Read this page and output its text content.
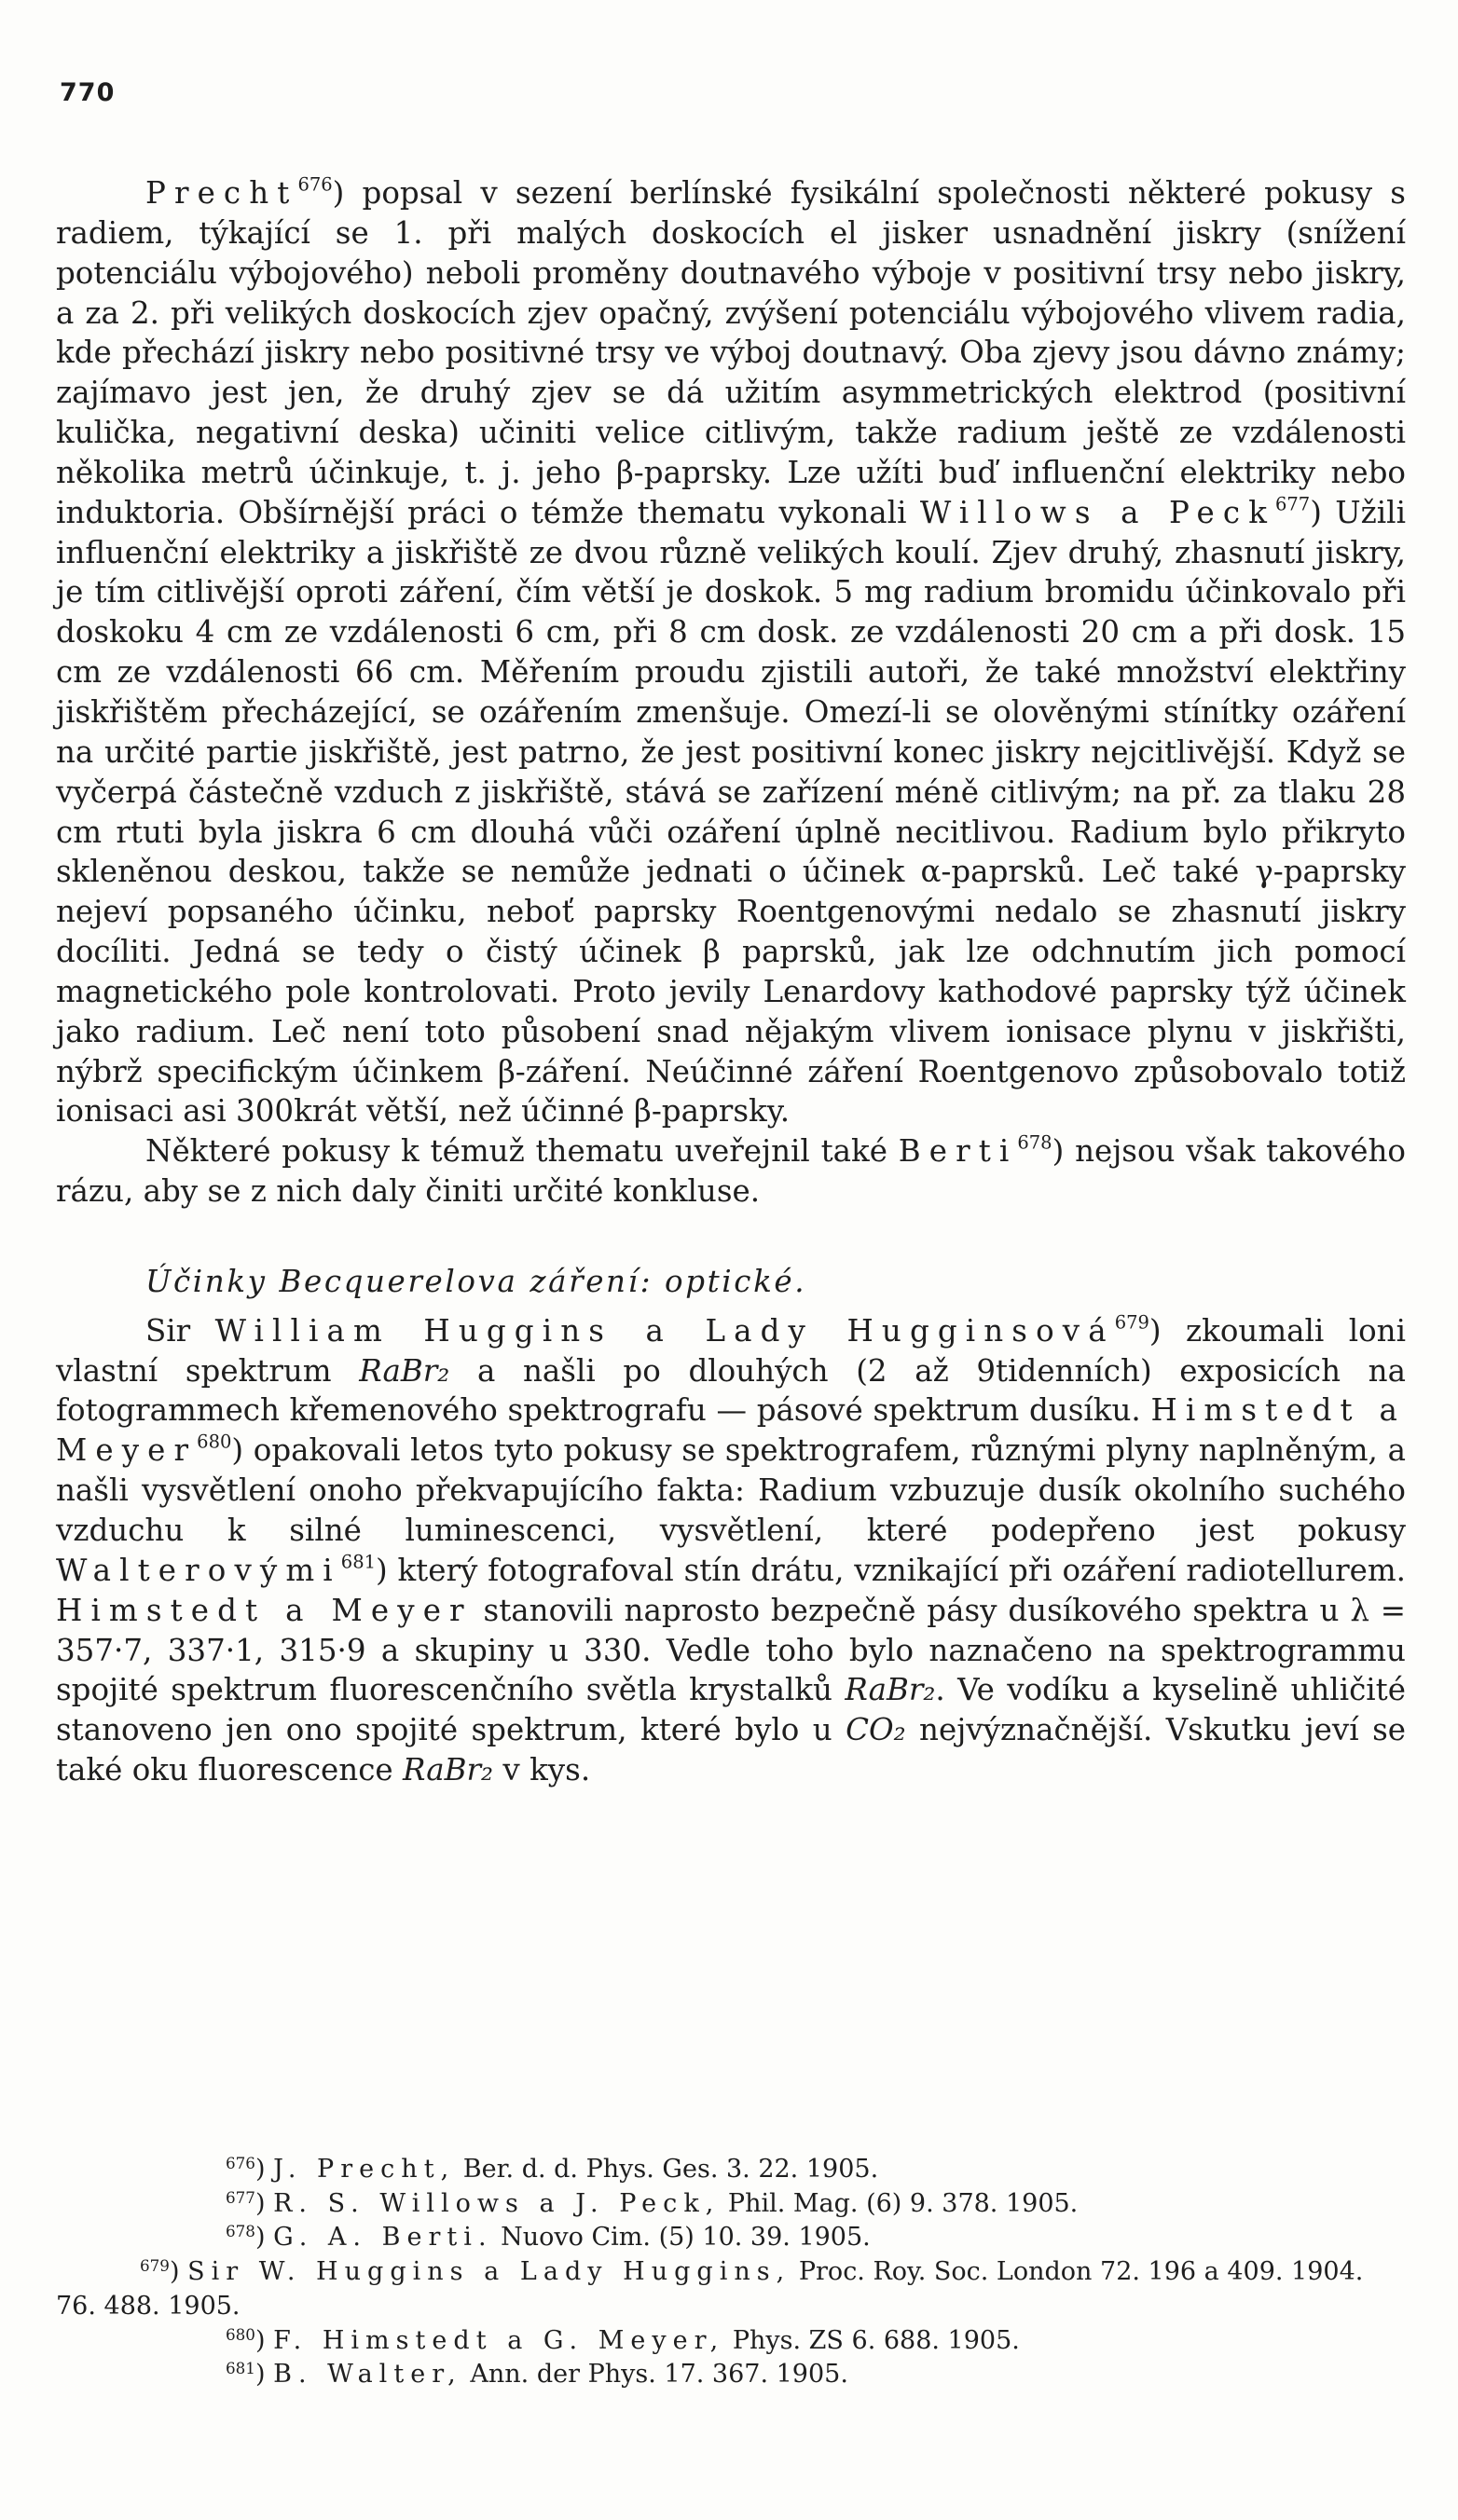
770

Precht$^{676}$) popsal v sezení berlínské fysikální společnosti některé pokusy s radiem, týkající se 1. při malých doskocích el jisker usnadnění jiskry (snížení potenciálu výbojového) neboli proměny doutnavého výboje v positivní trsy nebo jiskry, a za 2. při velikých doskocích zjev opačný, zvýšení potenciálu výbojového vlivem radia, kde přechází jiskry nebo positivné trsy ve výboj doutnavý. Oba zjevy jsou dávno známy; zajímavo jest jen, že druhý zjev se dá užitím asymmetrických elektrod (positivní kulička, negativní deska) učiniti velice citlivým, takže radium ještě ze vzdálenosti několika metrů účinkuje, t. j. jeho β-paprsky. Lze užíti buď influenční elektriky nebo induktoria. Obšírnější práci o témže thematu vykonali Willows a Peck$^{677}$) Užili influenční elektriky a jiskřiště ze dvou různě velikých koulí. Zjev druhý, zhasnutí jiskry, je tím citlivější oproti záření, čím větší je doskok. 5 mg radium bromidu účinkovalo při doskoku 4 cm ze vzdálenosti 6 cm, při 8 cm dosk. ze vzdálenosti 20 cm a při dosk. 15 cm ze vzdálenosti 66 cm. Měřením proudu zjistili autoři, že také množství elektřiny jiskřištěm přecházející, se ozářením zmenšuje. Omezí-li se olověnými stínítky ozáření na určité partie jiskřiště, jest patrno, že jest positivní konec jiskry nejcitlivější. Když se vyčerpá částečně vzduch z jiskřiště, stává se zařízení méně citlivým; na př. za tlaku 28 cm rtuti byla jiskra 6 cm dlouhá vůči ozáření úplně necitlivou. Radium bylo přikryto skleněnou deskou, takže se nemůže jednati o účinek α-paprsků. Leč také γ-paprsky nejeví popsaného účinku, neboť paprsky Roentgenovými nedalo se zhasnutí jiskry docíliti. Jedná se tedy o čistý účinek β paprsků, jak lze odchnutím jich pomocí magnetického pole kontrolovati. Proto jevily Lenardovy kathodové paprsky týž účinek jako radium. Leč není toto působení snad nějakým vlivem ionisace plynu v jiskřišti, nýbrž specifickým účinkem β-záření. Neúčinné záření Roentgenovo způsobovalo totiž ionisaci asi 300krát větší, než účinné β-paprsky.

Některé pokusy k témuž thematu uveřejnil také Berti$^{678}$) nejsou však takového rázu, aby se z nich daly činiti určité konkluse.

Účinky Becquerelova záření: optické.

Sir William Huggins a Lady Hugginsová$^{679}$) zkoumali loni vlastní spektrum RaBr₂ a našli po dlouhých (2 až 9tidenních) exposicích na fotogrammech křemenového spektrografu — pásové spektrum dusíku. Himstedt a Meyer$^{680}$) opakovali letos tyto pokusy se spektrografem, různými plyny naplněným, a našli vysvětlení onoho překvapujícího fakta: Radium vzbuzuje dusík okolního suchého vzduchu k silné luminescenci, vysvětlení, které podepřeno jest pokusy Walterovými$^{681}$) který fotografoval stín drátu, vznikající při ozáření radiotellurem. Himstedt a Meyer stanovili naprosto bezpečně pásy dusíkového spektra u λ = 357·7, 337·1, 315·9 a skupiny u 330. Vedle toho bylo naznačeno na spektrogrammu spojité spektrum fluorescenčního světla krystalků RaBr₂. Ve vodíku a kyselině uhličité stanoveno jen ono spojité spektrum, které bylo u CO₂ nejvýznačnější. Vskutku jeví se také oku fluorescence RaBr₂ v kys.

$^{676}$) J. Precht, Ber. d. d. Phys. Ges. 3. 22. 1905.

$^{677}$) R. S. Willows a J. Peck, Phil. Mag. (6) 9. 378. 1905.

$^{678}$) G. A. Berti. Nuovo Cim. (5) 10. 39. 1905.

$^{679}$) Sir W. Huggins a Lady Huggins, Proc. Roy. Soc. London 72. 196 a 409. 1904. 76. 488. 1905.

$^{680}$) F. Himstedt a G. Meyer, Phys. ZS 6. 688. 1905.

$^{681}$) B. Walter, Ann. der Phys. 17. 367. 1905.
